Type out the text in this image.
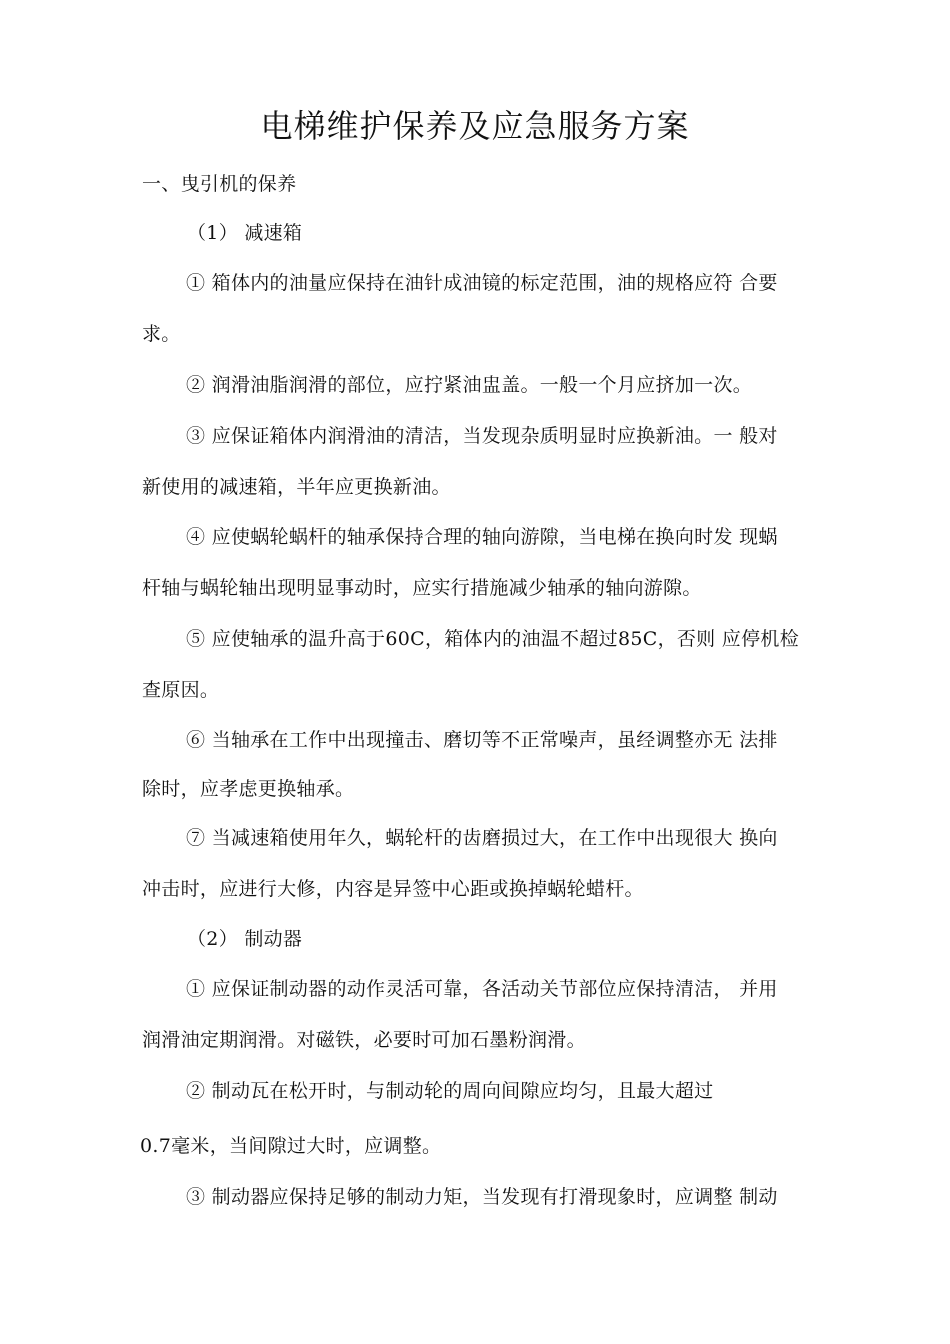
电梯维护保养及应急服务方案

一、曳引机的保养

（1） 减速箱

① 箱体内的油量应保持在油针成油镜的标定范围，油的规格应符 合要

求。

② 润滑油脂润滑的部位，应拧紧油盅盖。一般一个月应挤加一次。

③ 应保证箱体内润滑油的清洁，当发现杂质明显时应换新油。一 般对

新使用的减速箱，半年应更换新油。

④ 应使蜗轮蜗杆的轴承保持合理的轴向游隙，当电梯在换向时发 现蜗

杆轴与蜗轮轴出现明显事动时，应实行措施减少轴承的轴向游隙。

⑤ 应使轴承的温升高于60C，箱体内的油温不超过85C，否则 应停机检

查原因。

⑥ 当轴承在工作中出现撞击、磨切等不正常噪声，虽经调整亦无 法排

除时，应孝虑更换轴承。

⑦ 当减速箱使用年久，蜗轮杆的齿磨损过大，在工作中出现很大 换向

冲击时，应进行大修，内容是异签中心距或换掉蜗轮蜡杆。

（2） 制动器

① 应保证制动器的动作灵活可靠，各活动关节部位应保持清洁， 并用

润滑油定期润滑。对磁铁，必要时可加石墨粉润滑。

② 制动瓦在松开时，与制动轮的周向间隙应均匀，且最大超过

0.7毫米，当间隙过大时，应调整。

③ 制动器应保持足够的制动力矩，当发现有打滑现象时，应调整 制动
